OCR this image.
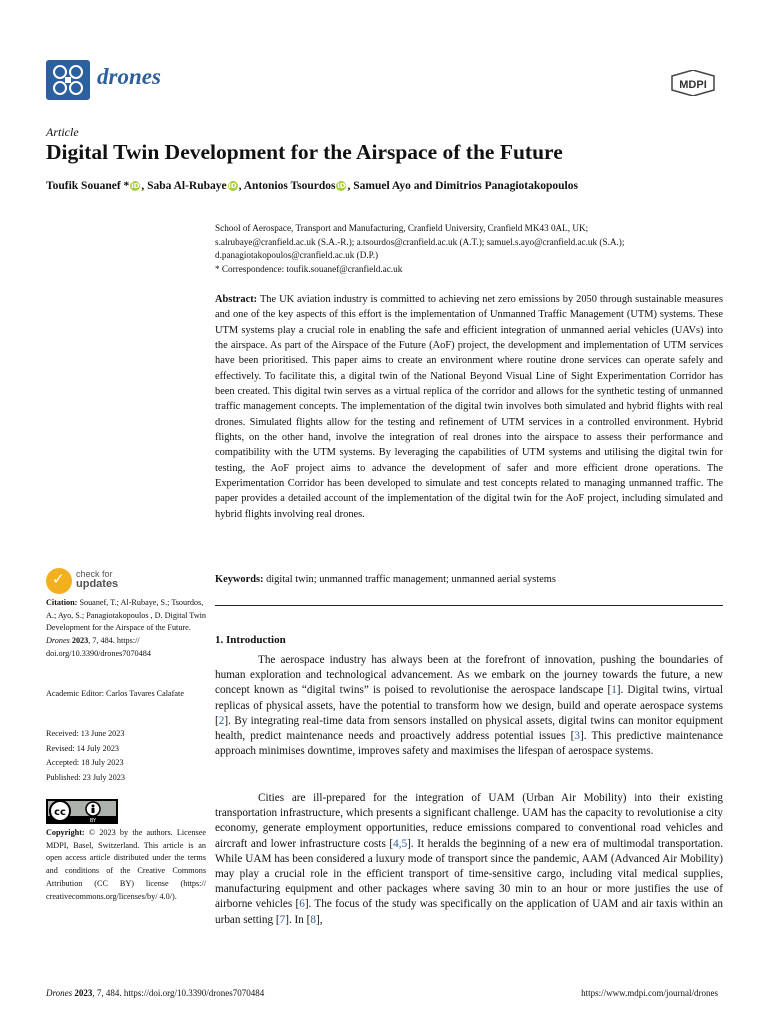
drones	MDPI
Article
Digital Twin Development for the Airspace of the Future
Toufik Souanef * iD , Saba Al-Rubaye iD , Antonios Tsourdos iD , Samuel Ayo and Dimitrios Panagiotakopoulos
School of Aerospace, Transport and Manufacturing, Cranfield University, Cranfield MK43 0AL, UK;
s.alrubaye@cranfield.ac.uk (S.A.-R.); a.tsourdos@cranfield.ac.uk (A.T.); samuel.s.ayo@cranfield.ac.uk (S.A.);
d.panagiotakopoulos@cranfield.ac.uk (D.P.)
* Correspondence: toufik.souanef@cranfield.ac.uk
Abstract: The UK aviation industry is committed to achieving net zero emissions by 2050 through sustainable measures and one of the key aspects of this effort is the implementation of Unmanned Traffic Management (UTM) systems. These UTM systems play a crucial role in enabling the safe and efficient integration of unmanned aerial vehicles (UAVs) into the airspace. As part of the Airspace of the Future (AoF) project, the development and implementation of UTM services have been prioritised. This paper aims to create an environment where routine drone services can operate safely and effectively. To facilitate this, a digital twin of the National Beyond Visual Line of Sight Experimentation Corridor has been created. This digital twin serves as a virtual replica of the corridor and allows for the synthetic testing of unmanned traffic management concepts. The implementation of the digital twin involves both simulated and hybrid flights with real drones. Simulated flights allow for the testing and refinement of UTM services in a controlled environment. Hybrid flights, on the other hand, involve the integration of real drones into the airspace to assess their performance and compatibility with the UTM systems. By leveraging the capabilities of UTM systems and utilising the digital twin for testing, the AoF project aims to advance the development of safer and more efficient drone operations. The Experimentation Corridor has been developed to simulate and test concepts related to managing unmanned traffic. The paper provides a detailed account of the implementation of the digital twin for the AoF project, including simulated and hybrid flights involving real drones.
Keywords: digital twin; unmanned traffic management; unmanned aerial systems
1. Introduction

The aerospace industry has always been at the forefront of innovation, pushing the boundaries of human exploration and technological advancement. As we embark on the journey towards the future, a new concept known as “digital twins” is poised to revolutionise the aerospace landscape [1]. Digital twins, virtual replicas of physical assets, have the potential to transform how we design, build and operate aerospace systems [2]. By integrating real-time data from sensors installed on physical assets, digital twins can monitor equipment health, predict maintenance needs and proactively address potential issues [3]. This predictive maintenance approach minimises downtime, improves safety and maximises the lifespan of aerospace systems.

Cities are ill-prepared for the integration of UAM (Urban Air Mobility) into their existing transportation infrastructure, which presents a significant challenge. UAM has the capacity to revolutionise a city economy, generate employment opportunities, reduce emissions compared to conventional road vehicles and aircraft and lower infrastructure costs [4,5]. It heralds the beginning of a new era of multimodal transportation. While UAM has been considered a luxury mode of transport since the pandemic, AAM (Advanced Air Mobility) may play a crucial role in the efficient transport of time-sensitive cargo, including vital medical supplies, manufacturing equipment and other packages where saving 30 min to an hour or more justifies the use of airborne vehicles [6]. The focus of the study was specifically on the application of UAM and air taxis within an urban setting [7]. In [8],

✓ check for
updates
Citation: Souanef, T.; Al-Rubaye, S.; Tsourdos, A.; Ayo, S.; Panagiotakopoulos , D. Digital Twin Development for the Airspace of the Future. Drones 2023, 7, 484. https:// doi.org/10.3390/drones7070484
Academic Editor: Carlos Tavares Calafate
Received: 13 June 2023
Revised: 14 July 2023
Accepted: 18 July 2023
Published: 23 July 2023
cc
BY
Copyright: © 2023 by the authors. Licensee MDPI, Basel, Switzerland. This article is an open access article distributed under the terms and conditions of the Creative Commons Attribution (CC BY) license (https:// creativecommons.org/licenses/by/ 4.0/).
Drones 2023, 7, 484. https://doi.org/10.3390/drones7070484	https://www.mdpi.com/journal/drones
